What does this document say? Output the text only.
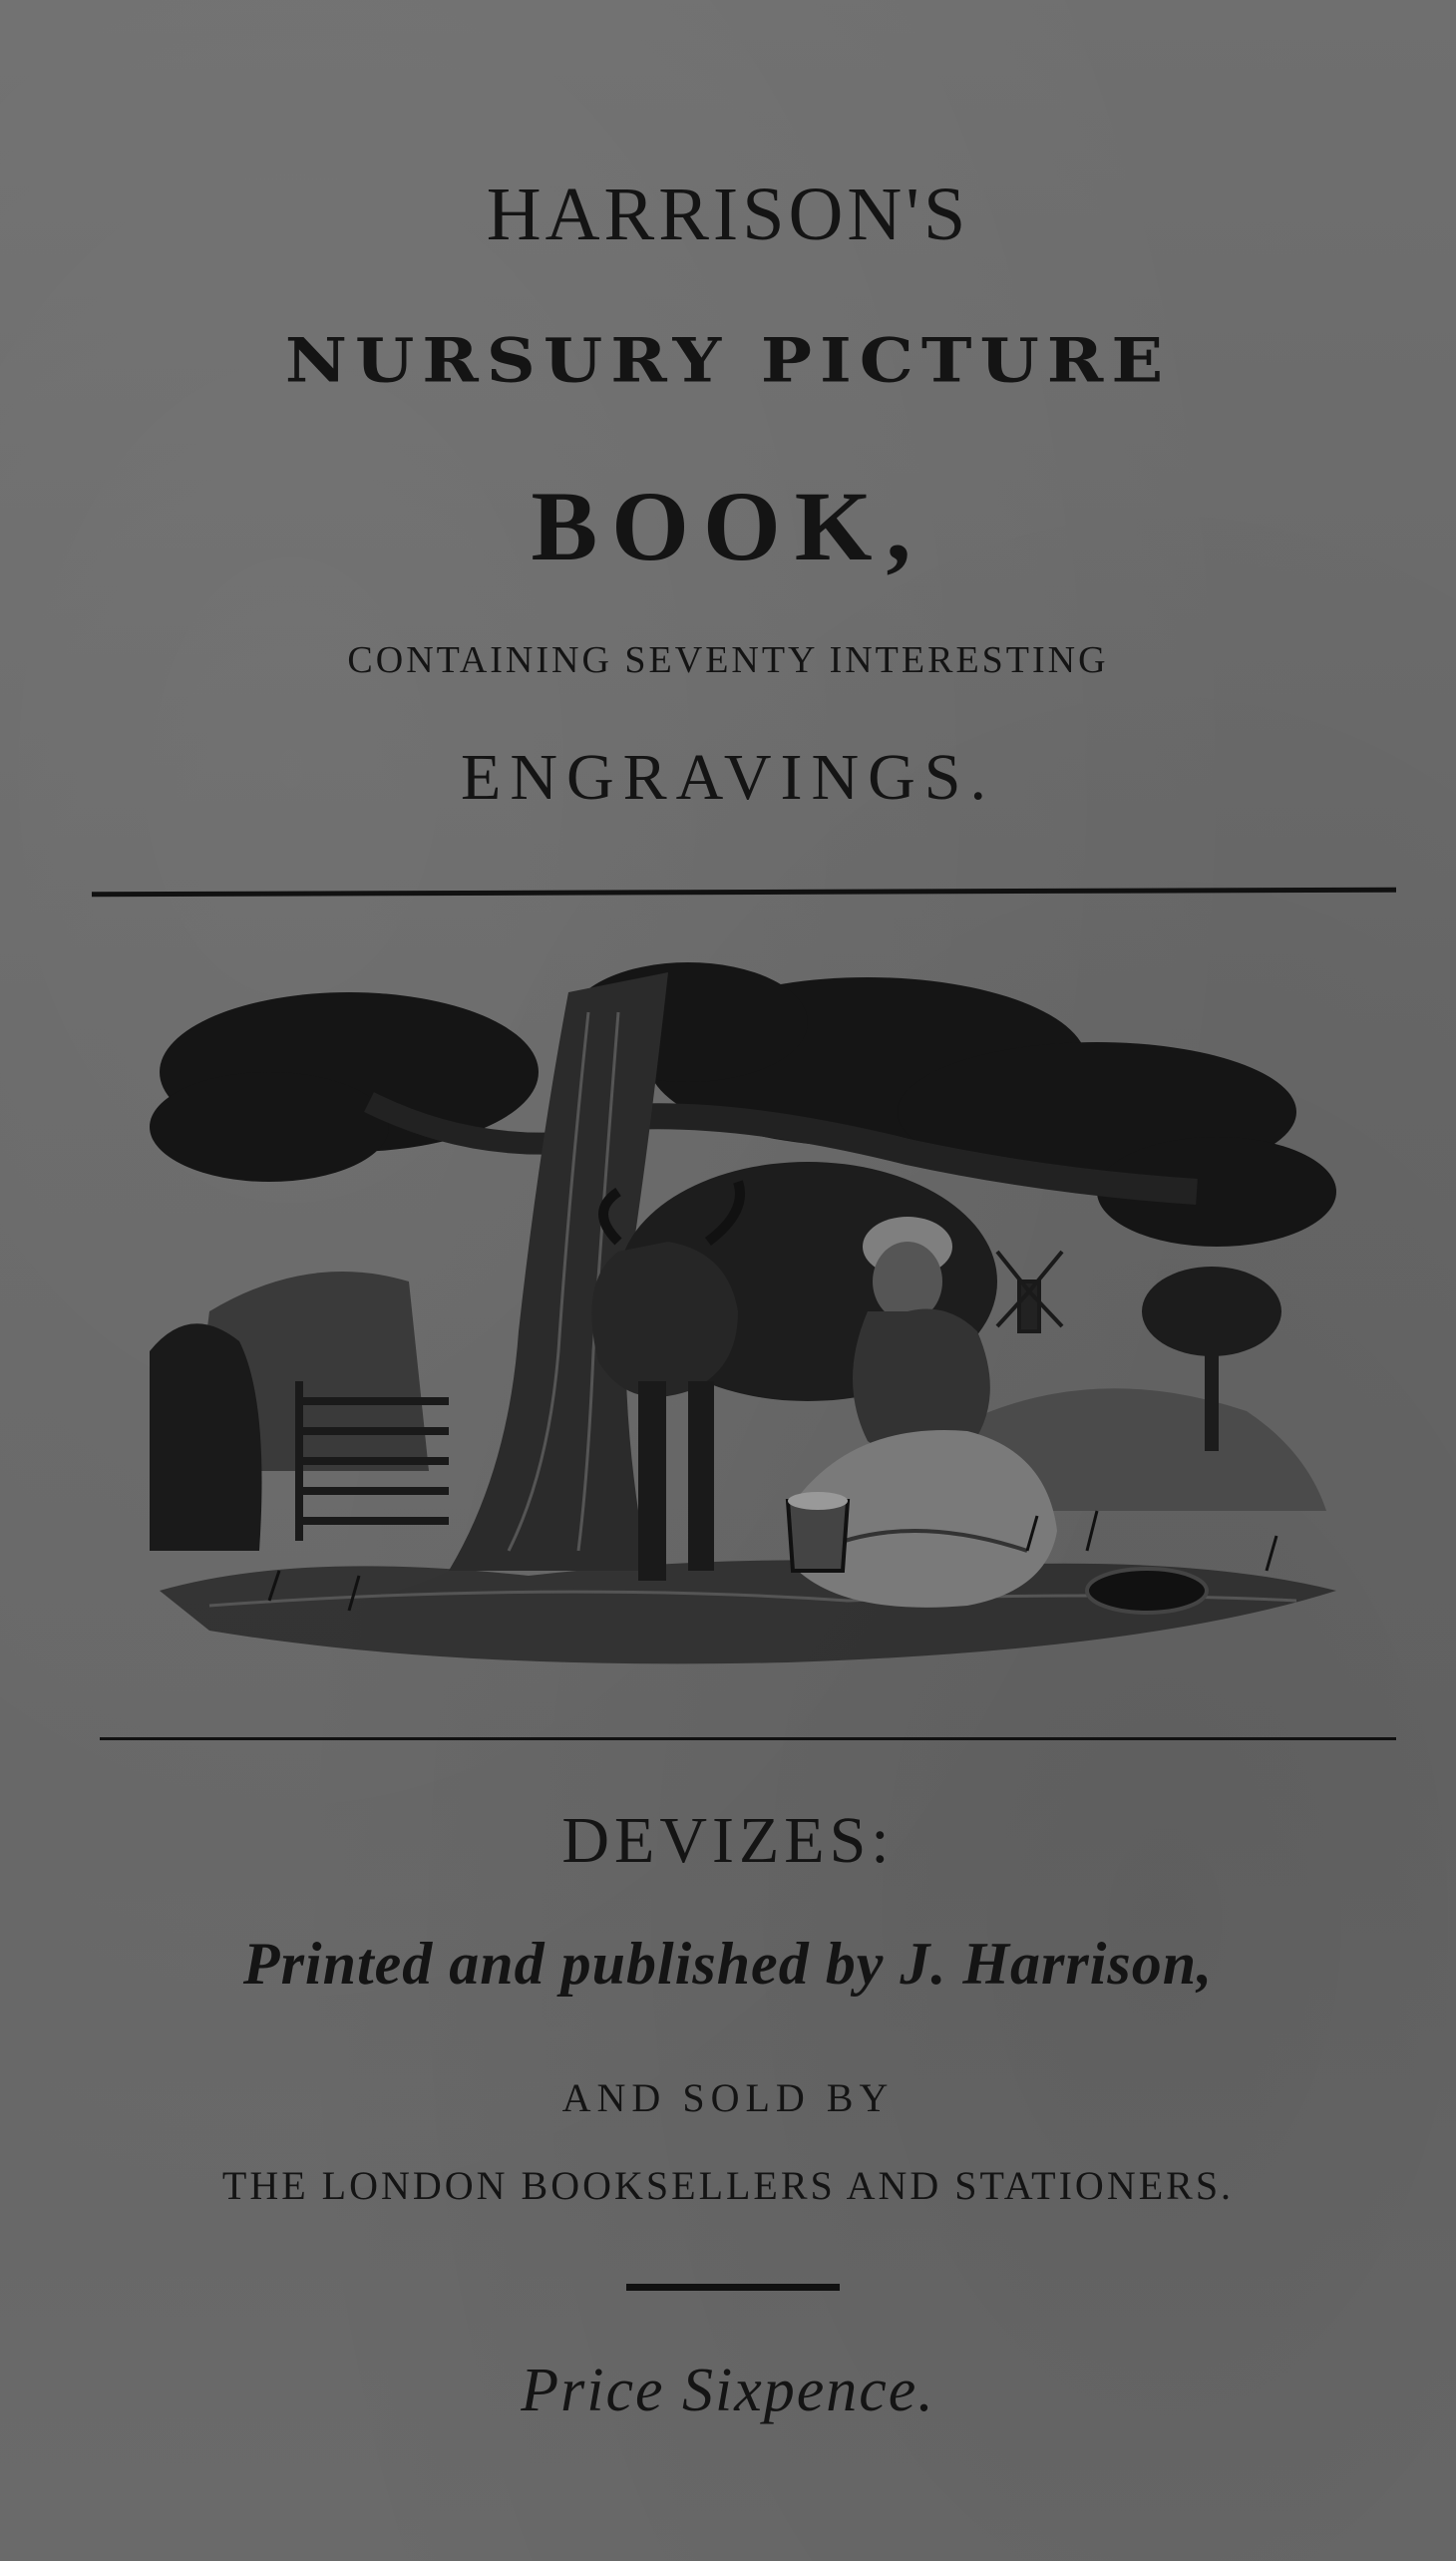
HARRISON'S

NURSURY PICTURE

BOOK,

CONTAINING SEVENTY INTERESTING

ENGRAVINGS.

DEVIZES:

Printed and published by J. Harrison,

AND SOLD BY

THE LONDON BOOKSELLERS AND STATIONERS.

Price Sixpence.
